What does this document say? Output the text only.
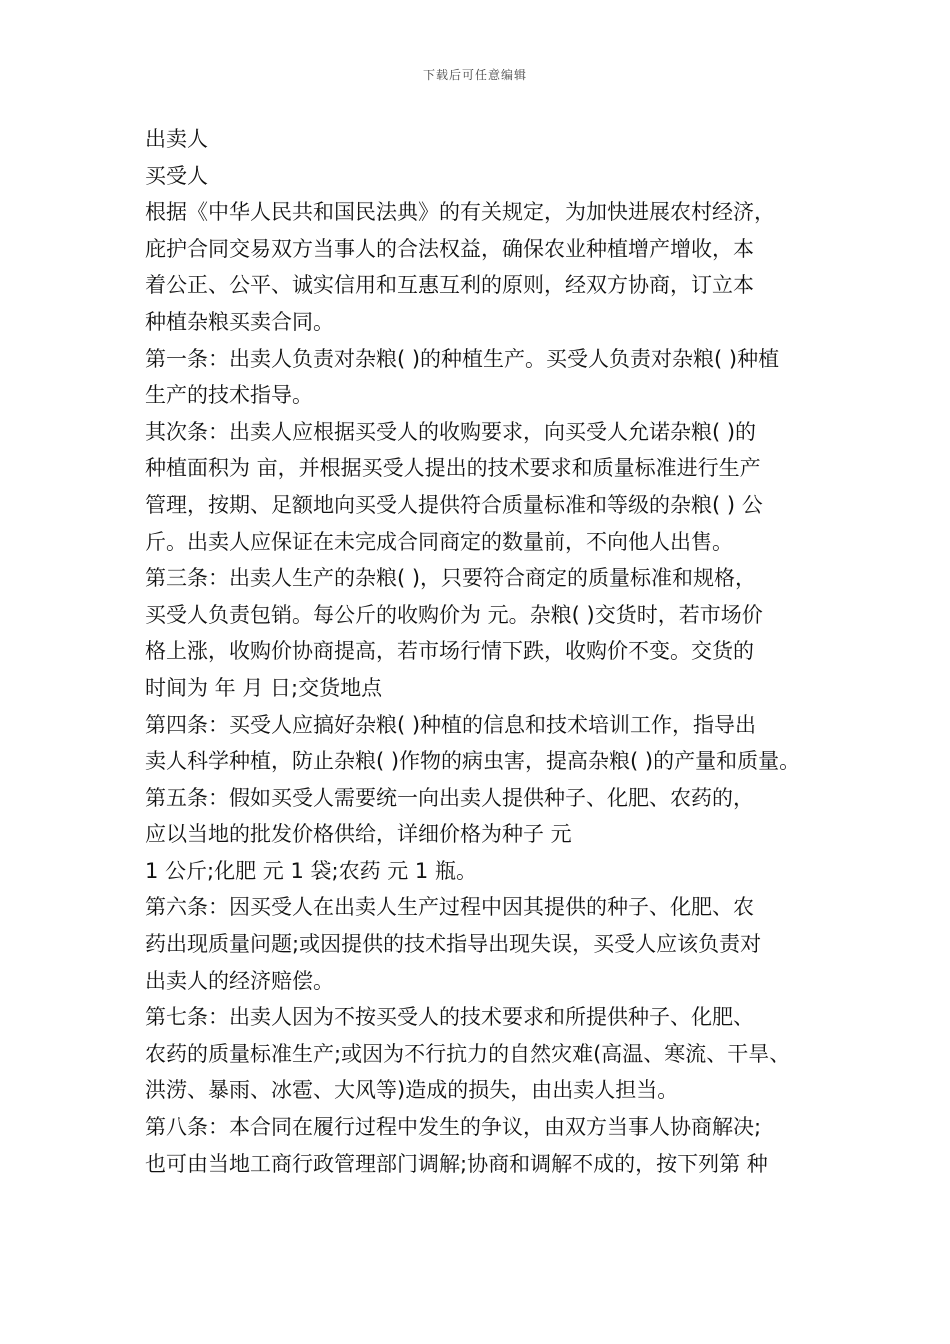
下载后可任意编辑
出卖人
买受人
根据《中华人民共和国民法典》的有关规定，为加快进展农村经济，
庇护合同交易双方当事人的合法权益，确保农业种植增产增收，本
着公正、公平、诚实信用和互惠互利的原则，经双方协商，订立本
种植杂粮买卖合同。
第一条：出卖人负责对杂粮( )的种植生产。买受人负责对杂粮( )种植
生产的技术指导。
其次条：出卖人应根据买受人的收购要求，向买受人允诺杂粮( )的
种植面积为 亩，并根据买受人提出的技术要求和质量标准进行生产
管理，按期、足额地向买受人提供符合质量标准和等级的杂粮( ) 公
斤。出卖人应保证在未完成合同商定的数量前，不向他人出售。
第三条：出卖人生产的杂粮( )，只要符合商定的质量标准和规格，
买受人负责包销。每公斤的收购价为 元。杂粮( )交货时，若市场价
格上涨，收购价协商提高，若市场行情下跌，收购价不变。交货的
时间为 年 月 日;交货地点
第四条：买受人应搞好杂粮( )种植的信息和技术培训工作，指导出
卖人科学种植，防止杂粮( )作物的病虫害，提高杂粮( )的产量和质量。
第五条：假如买受人需要统一向出卖人提供种子、化肥、农药的，
应以当地的批发价格供给，详细价格为种子 元
1 公斤;化肥 元 1 袋;农药 元 1 瓶。
第六条：因买受人在出卖人生产过程中因其提供的种子、化肥、农
药出现质量问题;或因提供的技术指导出现失误，买受人应该负责对
出卖人的经济赔偿。
第七条：出卖人因为不按买受人的技术要求和所提供种子、化肥、
农药的质量标准生产;或因为不行抗力的自然灾难(高温、寒流、干旱、
洪涝、暴雨、冰雹、大风等)造成的损失，由出卖人担当。
第八条：本合同在履行过程中发生的争议，由双方当事人协商解决;
也可由当地工商行政管理部门调解;协商和调解不成的，按下列第 种
